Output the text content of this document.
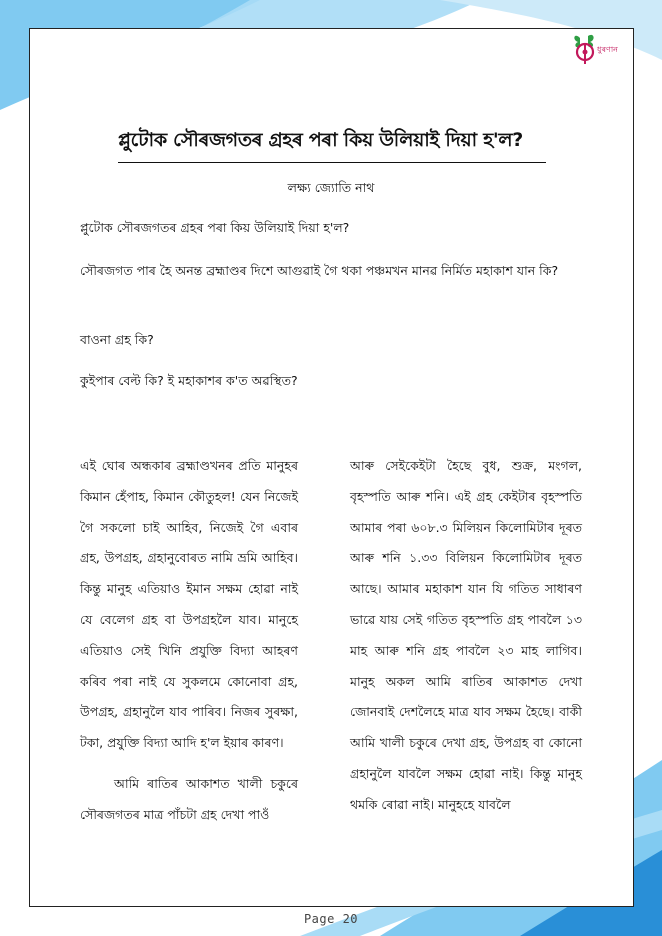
ধুৰণান
প্লুটোক সৌৰজগতৰ গ্ৰহৰ পৰা কিয় উলিয়াই দিয়া হ'ল?
লক্ষ্য জ্যোতি নাথ
প্লুটোক সৌৰজগতৰ গ্ৰহৰ পৰা কিয় উলিয়াই দিয়া হ'ল?
সৌৰজগত পাৰ হৈ অনন্ত ব্ৰহ্মাণ্ডৰ দিশে আগুৱাই গৈ থকা পঞ্চমখন মানৱ নিৰ্মিত মহাকাশ যান কি?
বাওনা গ্ৰহ কি?
কুইপাৰ বেল্ট কি? ই মহাকাশৰ ক'ত অৱস্থিত?

এই ঘোৰ অন্ধকাৰ ব্ৰহ্মাণ্ডখনৰ প্ৰতি মানুহৰ কিমান হেঁপাহ, কিমান কৌতুহল! যেন নিজেই গৈ সকলো চাই আহিব, নিজেই গৈ এবাৰ গ্ৰহ, উপগ্ৰহ, গ্ৰহানুবোৰত নামি ভ্ৰমি আহিব। কিন্তু মানুহ এতিয়াও ইমান সক্ষম হোৱা নাই যে বেলেগ গ্ৰহ বা উপগ্ৰহলৈ যাব। মানুহে এতিয়াও সেই খিনি প্ৰযুক্তি বিদ্যা আহৰণ কৰিব পৰা নাই যে সুকলমে কোনোবা গ্ৰহ, উপগ্ৰহ, গ্ৰহানুলৈ যাব পাৰিব। নিজৰ সুৰক্ষা, টকা, প্ৰযুক্তি বিদ্যা আদি হ'ল ইয়াৰ কাৰণ।

আমি ৰাতিৰ আকাশত খালী চকুৰে সৌৰজগতৰ মাত্ৰ পাঁচটা গ্ৰহ দেখা পাওঁ

আৰু সেইকেইটা হৈছে বুধ, শুক্ৰ, মংগল, বৃহস্পতি আৰু শনি। এই গ্ৰহ কেইটাৰ বৃহস্পতি আমাৰ পৰা ৬০৮.৩ মিলিয়ন কিলোমিটাৰ দূৰত আৰু শনি ১.৩৩ বিলিয়ন কিলোমিটাৰ দূৰত আছে। আমাৰ মহাকাশ যান যি গতিত সাধাৰণ ভাৱে যায় সেই গতিত বৃহস্পতি গ্ৰহ পাবলৈ ১৩ মাহ আৰু শনি গ্ৰহ পাবলৈ ২৩ মাহ লাগিব। মানুহ অকল আমি ৰাতিৰ আকাশত দেখা জোনবাই দেশলৈহে মাত্ৰ যাব সক্ষম হৈছে। বাকী আমি খালী চকুৰে দেখা গ্ৰহ, উপগ্ৰহ বা কোনো গ্ৰহানুলৈ যাবলৈ সক্ষম হোৱা নাই। কিন্তু মানুহ থমকি ৰোৱা নাই। মানুহহে যাবলৈ

Page 20
